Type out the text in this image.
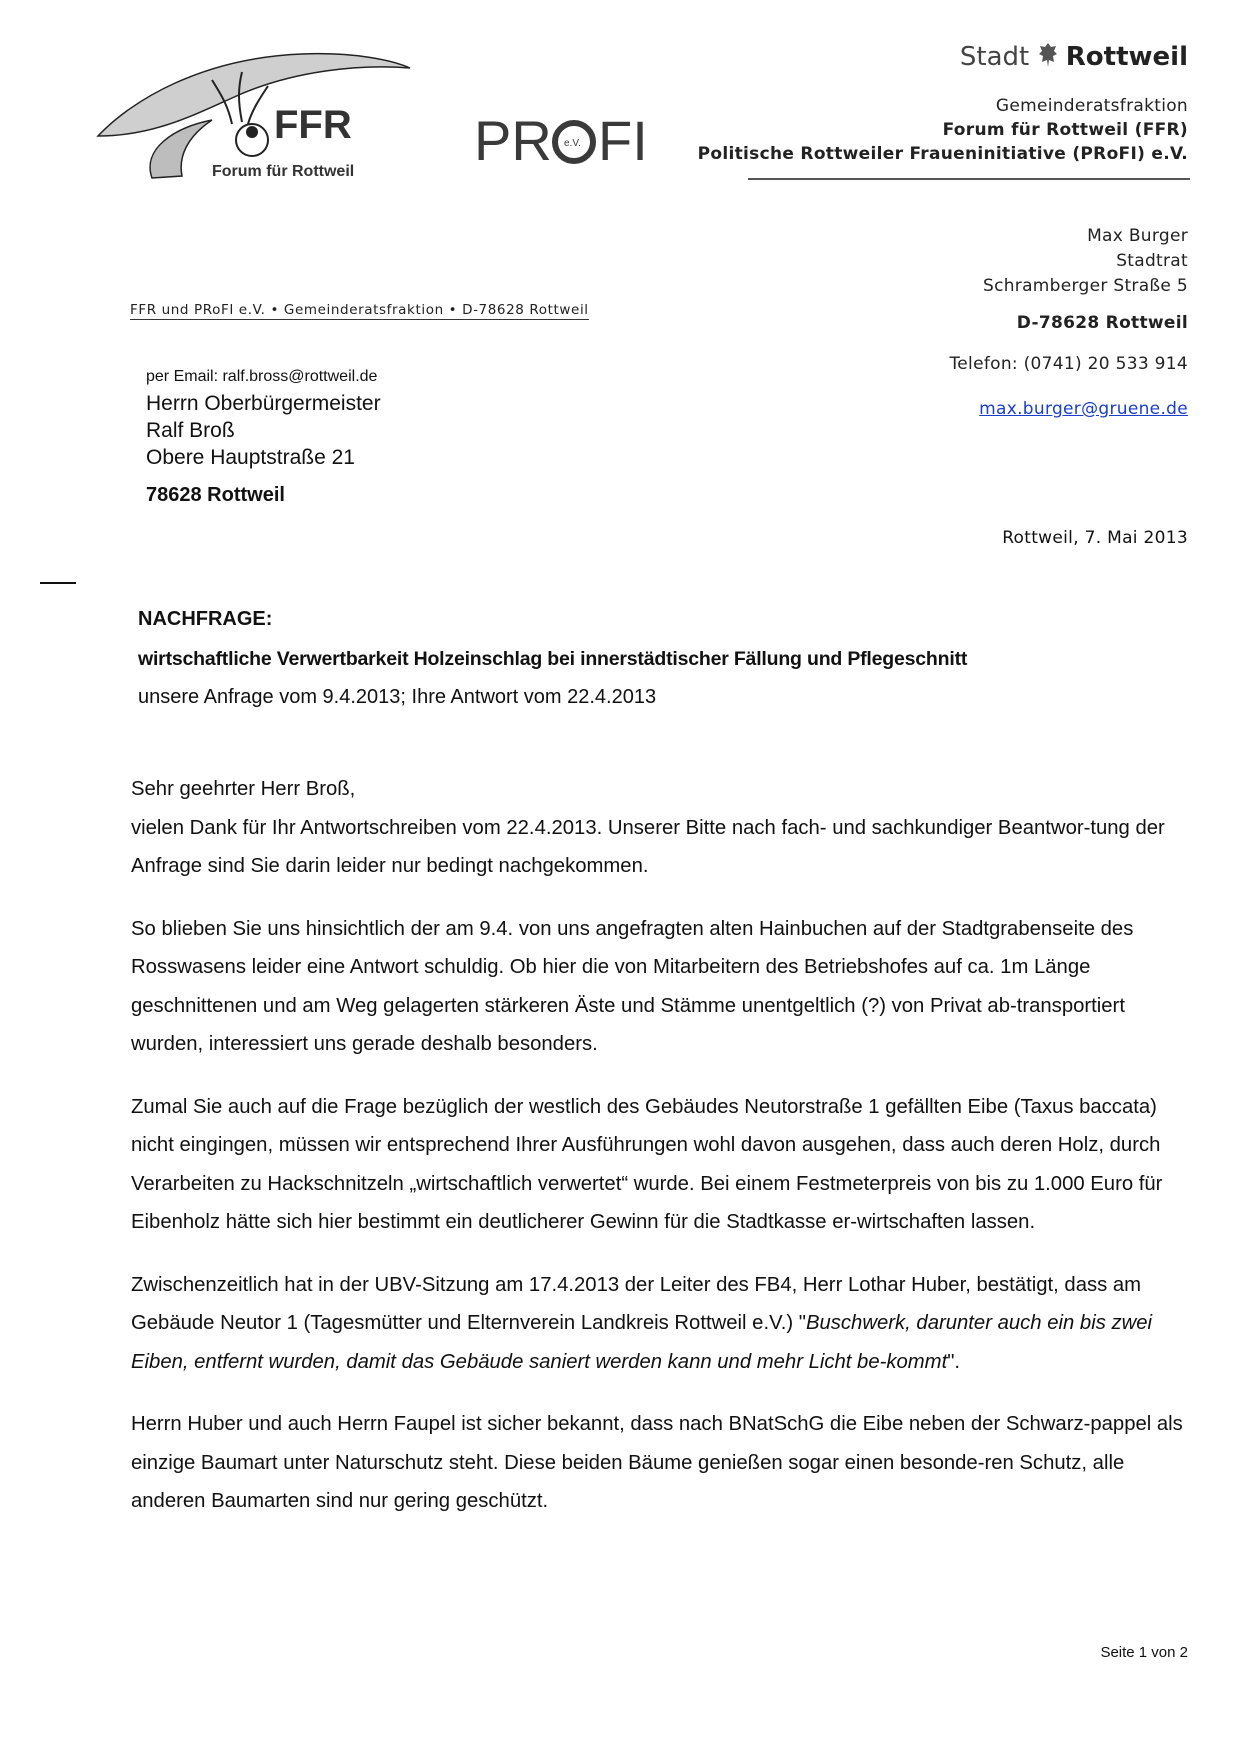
FFR
Forum für Rottweil PR e.V. FI
Stadt Rottweil
Gemeinderatsfraktion
Forum für Rottweil (FFR)
Politische Rottweiler Fraueninitiative (PRoFI) e.V.
Max Burger
Stadtrat
Schramberger Straße 5
D-78628 Rottweil
Telefon: (0741) 20 533 914
max.burger@gruene.de
FFR und PRoFI e.V. • Gemeinderatsfraktion • D-78628 Rottweil
per Email: ralf.bross@rottweil.de
Herrn Oberbürgermeister
Ralf Broß
Obere Hauptstraße 21
78628 Rottweil
Rottweil, 7. Mai 2013
NACHFRAGE:
wirtschaftliche Verwertbarkeit Holzeinschlag bei innerstädtischer Fällung und Pflegeschnitt
unsere Anfrage vom 9.4.2013; Ihre Antwort vom 22.4.2013

Sehr geehrter Herr Broß,

vielen Dank für Ihr Antwortschreiben vom 22.4.2013. Unserer Bitte nach fach- und sachkundiger Beantwor-tung der Anfrage sind Sie darin leider nur bedingt nachgekommen.

So blieben Sie uns hinsichtlich der am 9.4. von uns angefragten alten Hainbuchen auf der Stadtgrabenseite des Rosswasens leider eine Antwort schuldig. Ob hier die von Mitarbeitern des Betriebshofes auf ca. 1m Länge geschnittenen und am Weg gelagerten stärkeren Äste und Stämme unentgeltlich (?) von Privat ab-transportiert wurden, interessiert uns gerade deshalb besonders.

Zumal Sie auch auf die Frage bezüglich der westlich des Gebäudes Neutorstraße 1 gefällten Eibe (Taxus baccata) nicht eingingen, müssen wir entsprechend Ihrer Ausführungen wohl davon ausgehen, dass auch deren Holz, durch Verarbeiten zu Hackschnitzeln „wirtschaftlich verwertet“ wurde. Bei einem Festmeterpreis von bis zu 1.000 Euro für Eibenholz hätte sich hier bestimmt ein deutlicherer Gewinn für die Stadtkasse er-wirtschaften lassen.

Zwischenzeitlich hat in der UBV-Sitzung am 17.4.2013 der Leiter des FB4, Herr Lothar Huber, bestätigt, dass am Gebäude Neutor 1 (Tagesmütter und Elternverein Landkreis Rottweil e.V.) "Buschwerk, darunter auch ein bis zwei Eiben, entfernt wurden, damit das Gebäude saniert werden kann und mehr Licht be-kommt".

Herrn Huber und auch Herrn Faupel ist sicher bekannt, dass nach BNatSchG die Eibe neben der Schwarz-pappel als einzige Baumart unter Naturschutz steht. Diese beiden Bäume genießen sogar einen besonde-ren Schutz, alle anderen Baumarten sind nur gering geschützt.

Seite 1 von 2
